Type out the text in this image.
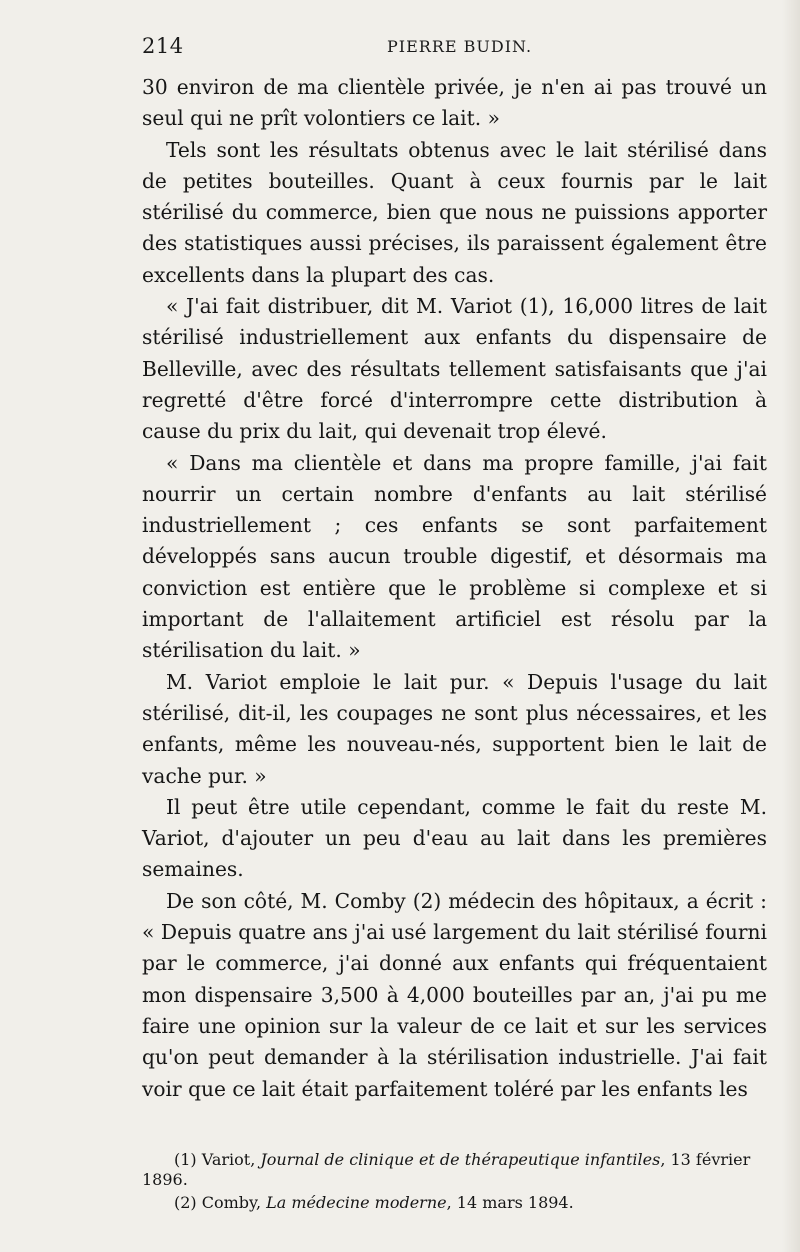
214	PIERRE BUDIN.

30 environ de ma clientèle privée, je n'en ai pas trouvé un seul qui ne prît volontiers ce lait. »

Tels sont les résultats obtenus avec le lait stérilisé dans de petites bouteilles. Quant à ceux fournis par le lait stérilisé du commerce, bien que nous ne puissions apporter des statistiques aussi précises, ils paraissent également être excellents dans la plupart des cas.

« J'ai fait distribuer, dit M. Variot (1), 16,000 litres de lait stérilisé industriellement aux enfants du dispensaire de Belleville, avec des résultats tellement satisfaisants que j'ai regretté d'être forcé d'interrompre cette distribution à cause du prix du lait, qui devenait trop élevé.

« Dans ma clientèle et dans ma propre famille, j'ai fait nourrir un certain nombre d'enfants au lait stérilisé industriellement ; ces enfants se sont parfaitement développés sans aucun trouble digestif, et désormais ma conviction est entière que le problème si complexe et si important de l'allaitement artificiel est résolu par la stérilisation du lait. »

M. Variot emploie le lait pur. « Depuis l'usage du lait stérilisé, dit-il, les coupages ne sont plus nécessaires, et les enfants, même les nouveau-nés, supportent bien le lait de vache pur. »

Il peut être utile cependant, comme le fait du reste M. Variot, d'ajouter un peu d'eau au lait dans les premières semaines.

De son côté, M. Comby (2) médecin des hôpitaux, a écrit : « Depuis quatre ans j'ai usé largement du lait stérilisé fourni par le commerce, j'ai donné aux enfants qui fréquentaient mon dispensaire 3,500 à 4,000 bouteilles par an, j'ai pu me faire une opinion sur la valeur de ce lait et sur les services qu'on peut demander à la stérilisation industrielle. J'ai fait voir que ce lait était parfaitement toléré par les enfants les

(1) Variot, Journal de clinique et de thérapeutique infantiles, 13 février 1896.

(2) Comby, La médecine moderne, 14 mars 1894.
